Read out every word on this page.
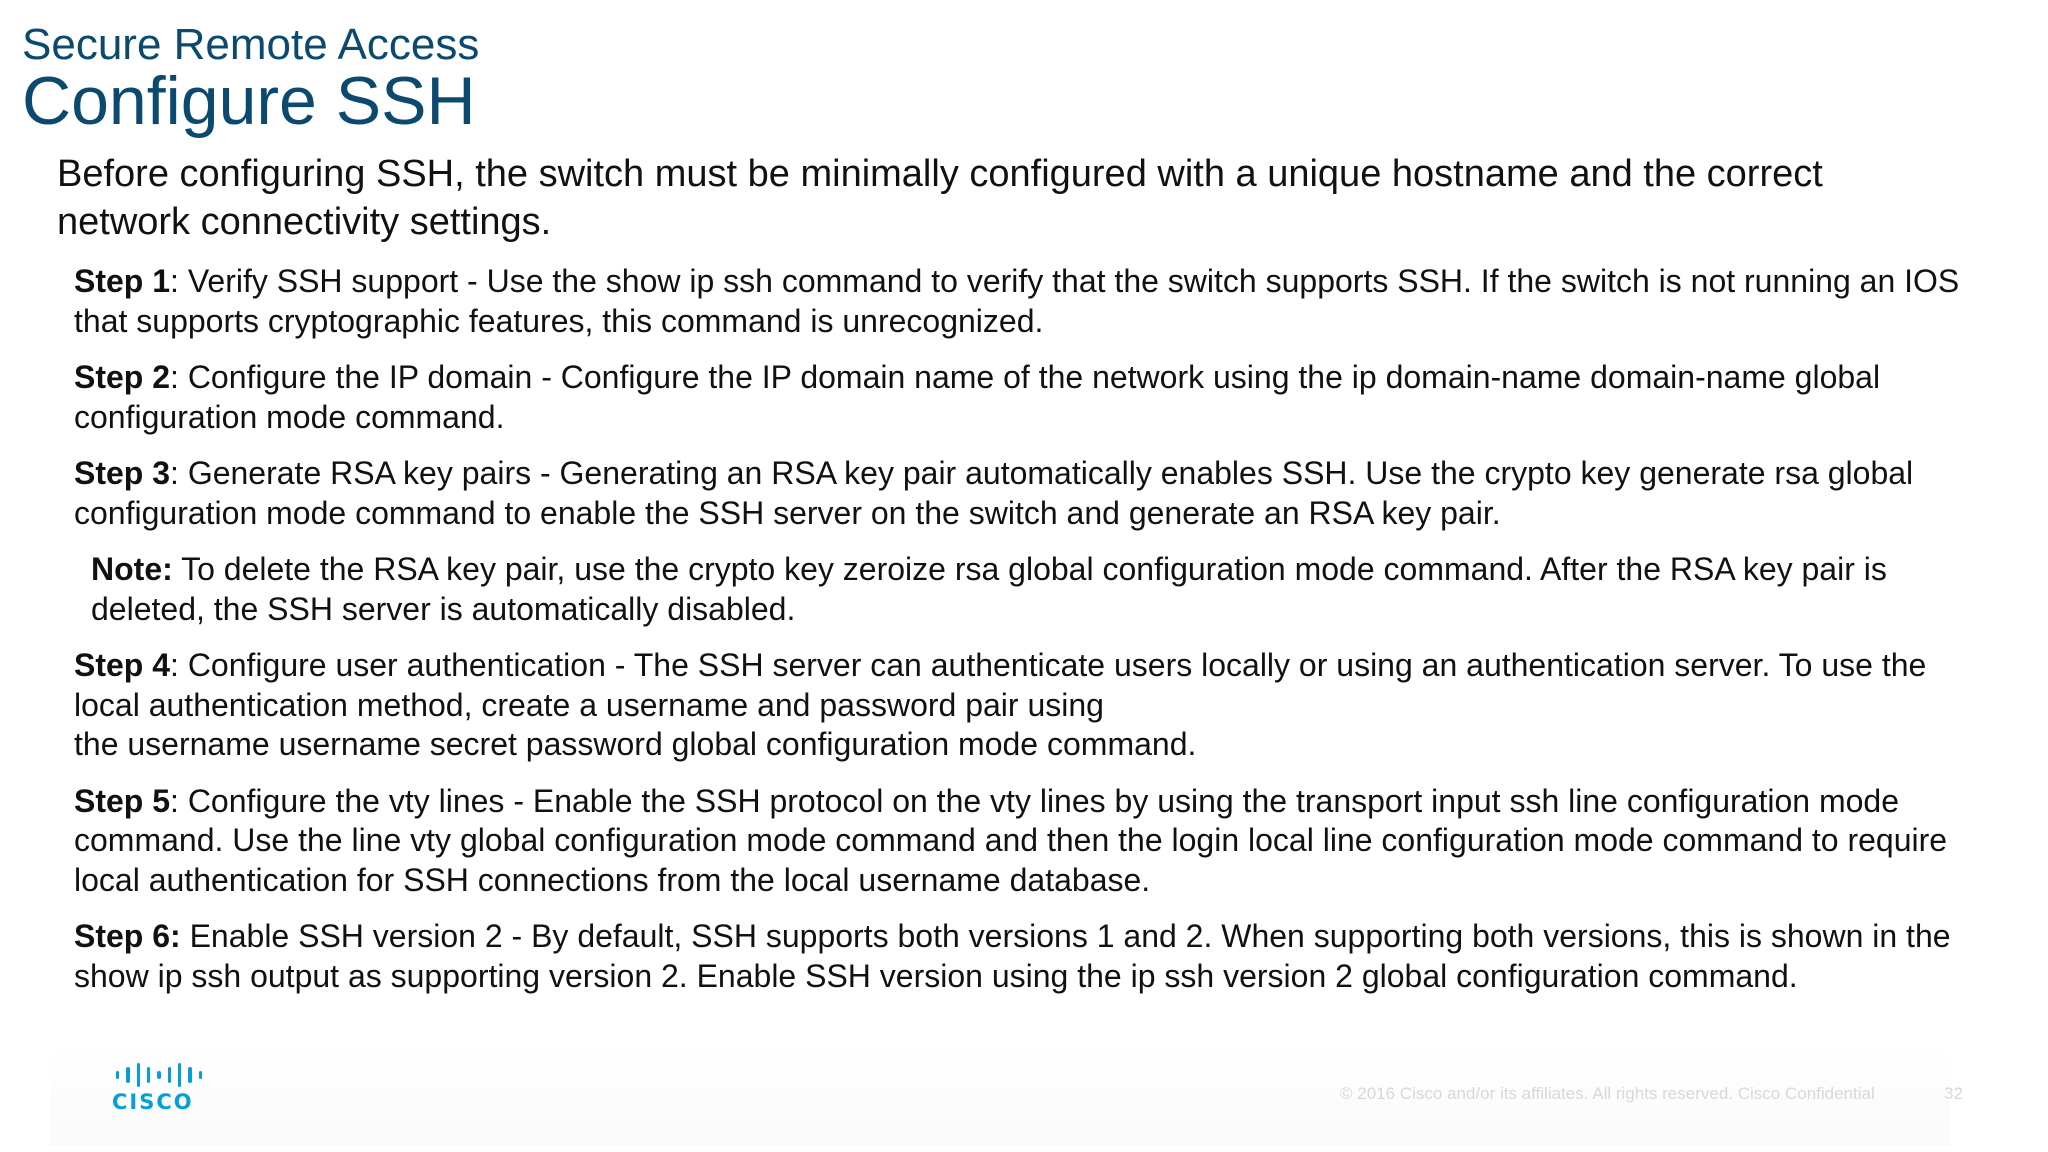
Secure Remote Access
Configure SSH
Before configuring SSH, the switch must be minimally configured with a unique hostname and the correct network connectivity settings.
Step 1: Verify SSH support - Use the show ip ssh command to verify that the switch supports SSH. If the switch is not running an IOS that supports cryptographic features, this command is unrecognized.
Step 2: Configure the IP domain - Configure the IP domain name of the network using the ip domain-name domain-name global configuration mode command.
Step 3: Generate RSA key pairs - Generating an RSA key pair automatically enables SSH. Use the crypto key generate rsa global configuration mode command to enable the SSH server on the switch and generate an RSA key pair.
Note: To delete the RSA key pair, use the crypto key zeroize rsa global configuration mode command. After the RSA key pair is deleted, the SSH server is automatically disabled.
Step 4: Configure user authentication - The SSH server can authenticate users locally or using an authentication server. To use the local authentication method, create a username and password pair using
the username username secret password global configuration mode command.
Step 5: Configure the vty lines - Enable the SSH protocol on the vty lines by using the transport input ssh line configuration mode command. Use the line vty global configuration mode command and then the login local line configuration mode command to require local authentication for SSH connections from the local username database.
Step 6: Enable SSH version 2 - By default, SSH supports both versions 1 and 2. When supporting both versions, this is shown in the show ip ssh output as supporting version 2. Enable SSH version using the ip ssh version 2 global configuration command.
CISCO	© 2016 Cisco and/or its affiliates. All rights reserved. Cisco Confidential	32
